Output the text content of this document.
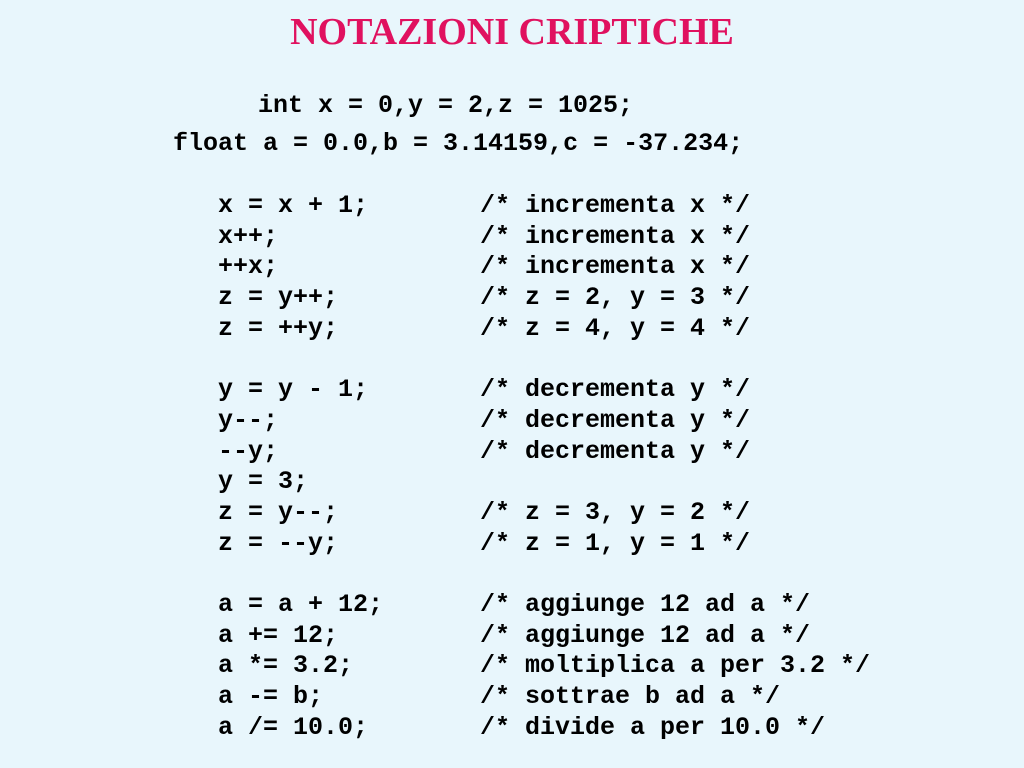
NOTAZIONI CRIPTICHE
int x = 0,y = 2,z = 1025;
float a = 0.0,b = 3.14159,c = -37.234;
x = x + 1;	/* incrementa x */
x++;	/* incrementa x */
++x;	/* incrementa x */
z = y++;	/* z = 2, y = 3 */
z = ++y;	/* z = 4, y = 4 */
y = y - 1;	/* decrementa y */
y--;	/* decrementa y */
--y;	/* decrementa y */
y = 3;
z = y--;	/* z = 3, y = 2 */
z = --y;	/* z = 1, y = 1 */
a = a + 12;	/* aggiunge 12 ad a */
a += 12;	/* aggiunge 12 ad a */
a *= 3.2;	/* moltiplica a per 3.2 */
a -= b;	/* sottrae b ad a */
a /= 10.0;	/* divide a per 10.0 */
